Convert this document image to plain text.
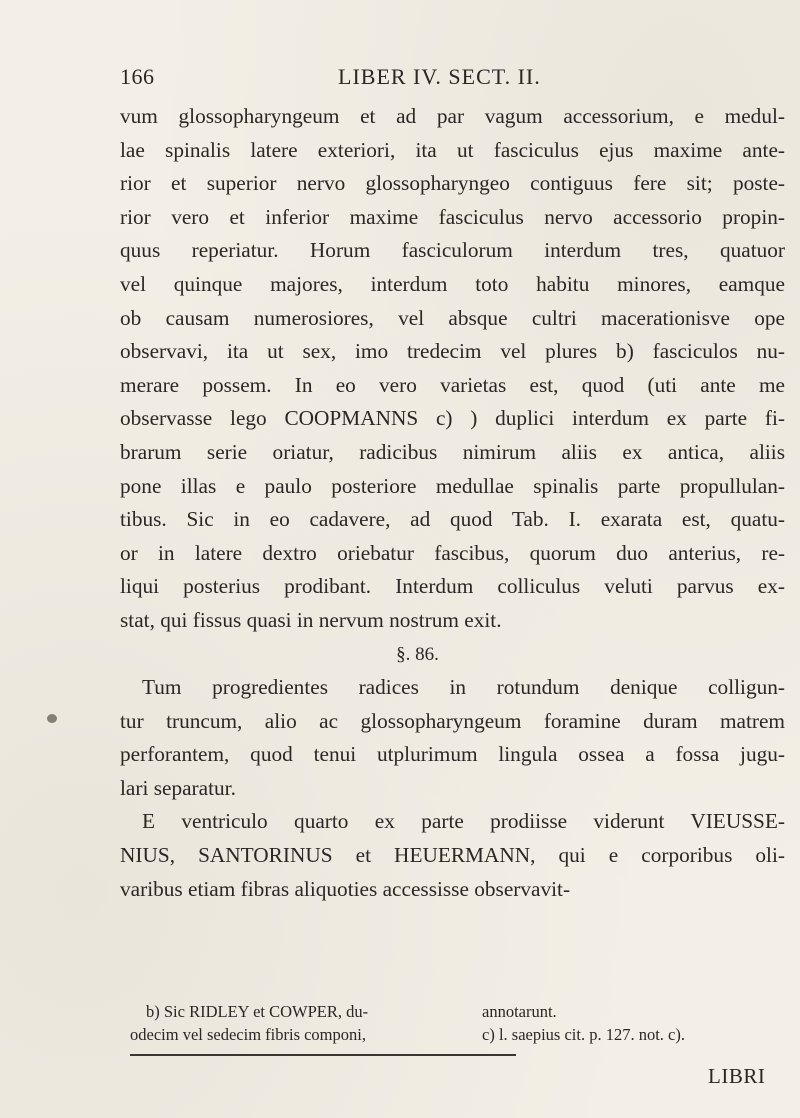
166	LIBER IV. SECT. II.
vum glossopharyngeum et ad par vagum accessorium, e medul-
lae spinalis latere exteriori, ita ut fasciculus ejus maxime ante-
rior et superior nervo glossopharyngeo contiguus fere sit; poste-
rior vero et inferior maxime fasciculus nervo accessorio propin-
quus reperiatur. Horum fasciculorum interdum tres, quatuor
vel quinque majores, interdum toto habitu minores, eamque
ob causam numerosiores, vel absque cultri macerationisve ope
observavi, ita ut sex, imo tredecim vel plures b) fasciculos nu-
merare possem. In eo vero varietas est, quod (uti ante me
observasse lego COOPMANNS c) ) duplici interdum ex parte fi-
brarum serie oriatur, radicibus nimirum aliis ex antica, aliis
pone illas e paulo posteriore medullae spinalis parte propullulan-
tibus. Sic in eo cadavere, ad quod Tab. I. exarata est, quatu-
or in latere dextro oriebatur fascibus, quorum duo anterius, re-
liqui posterius prodibant. Interdum colliculus veluti parvus ex-
stat, qui fissus quasi in nervum nostrum exit.
§. 86.
Tum progredientes radices in rotundum denique colligun-
tur truncum, alio ac glossopharyngeum foramine duram matrem
perforantem, quod tenui utplurimum lingula ossea a fossa jugu-
lari separatur.
E ventriculo quarto ex parte prodiisse viderunt VIEUSSE-
NIUS, SANTORINUS et HEUERMANN, qui e corporibus oli-
varibus etiam fibras aliquoties accessisse observavit-
b) Sic RIDLEY et COWPER, du-	annotarunt.
odecim vel sedecim fibris componi,	c) l. saepius cit. p. 127. not. c).
LIBRI
